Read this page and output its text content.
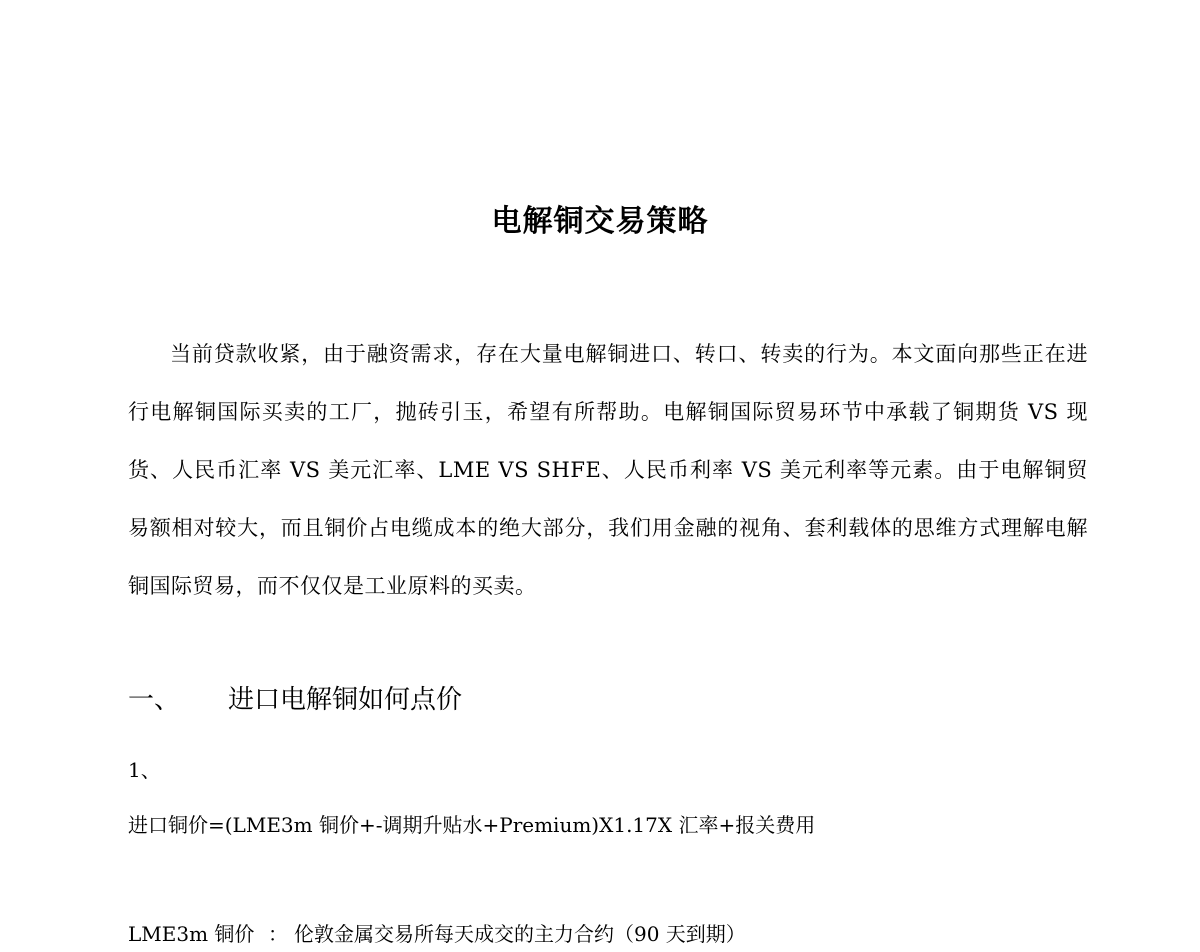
电解铜交易策略
当前贷款收紧，由于融资需求，存在大量电解铜进口、转口、转卖的行为。本文面向那些正在进行电解铜国际买卖的工厂，抛砖引玉，希望有所帮助。电解铜国际贸易环节中承载了铜期货 VS 现货、人民币汇率 VS 美元汇率、LME VS SHFE、人民币利率 VS 美元利率等元素。由于电解铜贸易额相对较大，而且铜价占电缆成本的绝大部分，我们用金融的视角、套利载体的思维方式理解电解铜国际贸易，而不仅仅是工业原料的买卖。
一、 进口电解铜如何点价
1、
进口铜价=(LME3m 铜价+-调期升贴水+Premium)X1.17X 汇率+报关费用
LME3m 铜价 ： 伦敦金属交易所每天成交的主力合约（90 天到期）
